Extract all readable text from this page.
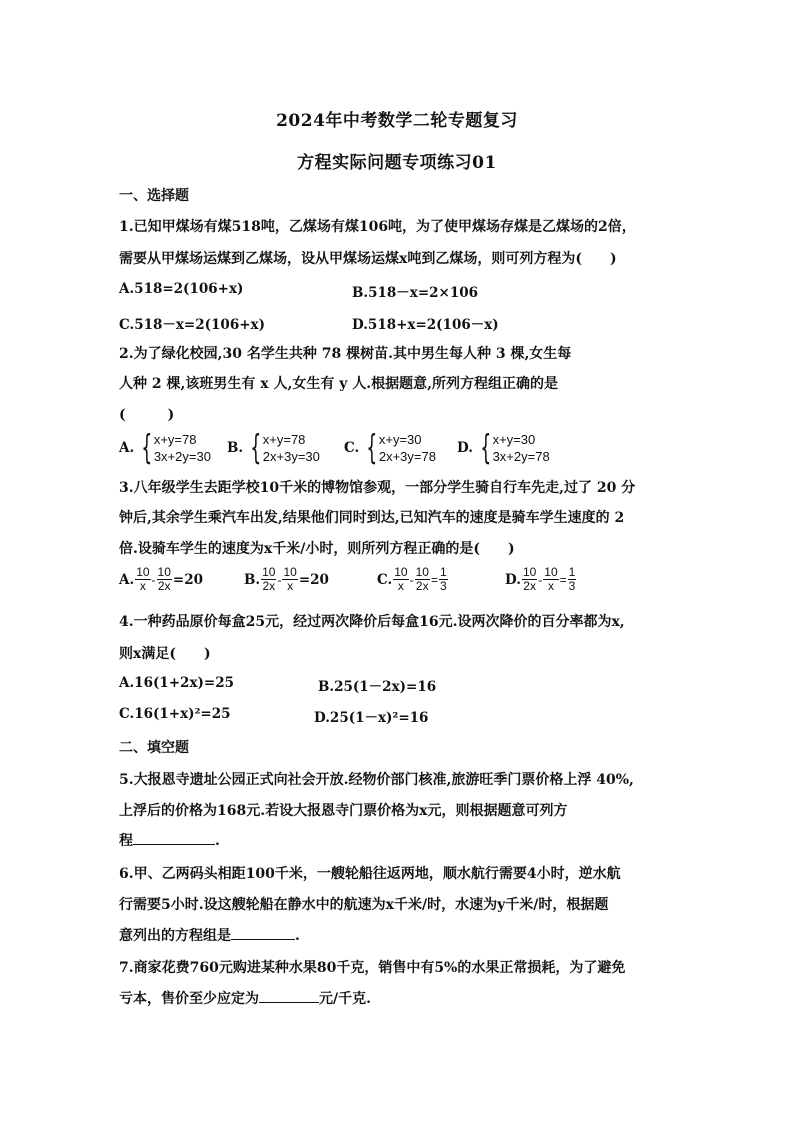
2024年中考数学二轮专题复习
方程实际问题专项练习01
一、选择题
1.已知甲煤场有煤518吨，乙煤场有煤106吨，为了使甲煤场存煤是乙煤场的2倍，
需要从甲煤场运煤到乙煤场，设从甲煤场运煤x吨到乙煤场，则可列方程为(　　)
A.518=2(106+x)	B.518－x=2×106
C.518－x=2(106+x)	D.518+x=2(106－x)
2.为了绿化校园,30 名学生共种 78 棵树苗.其中男生每人种 3 棵,女生每
人种 2 棵,该班男生有 x 人,女生有 y 人.根据题意,所列方程组正确的是
(　　　)
A. { x+y=78
3x+2y=30
B. { x+y=78
2x+3y=30
C. { x+y=30
2x+3y=78
D. { x+y=30
3x+2y=78
3.八年级学生去距学校10千米的博物馆参观，一部分学生骑自行车先走,过了 20 分
钟后,其余学生乘汽车出发,结果他们同时到达,已知汽车的速度是骑车学生速度的 2
倍.设骑车学生的速度为x千米/小时，则所列方程正确的是(　　)
A. $\frac{10}{x} - \frac{10}{2x} =20$	B. $\frac{10}{2x} - \frac{10}{x} =20$	C. $\frac{10}{x} - \frac{10}{2x} = \frac{1}{3}$	D. $\frac{10}{2x} - \frac{10}{x} = \frac{1}{3}$
4.一种药品原价每盒25元，经过两次降价后每盒16元.设两次降价的百分率都为x,
则x满足(　　)
A.16(1+2x)=25	B.25(1－2x)=16
C.16(1+x)²=25	D.25(1－x)²=16
二、填空题
5.大报恩寺遗址公园正式向社会开放.经物价部门核准,旅游旺季门票价格上浮 40%,
上浮后的价格为168元.若设大报恩寺门票价格为x元，则根据题意可列方
程	.
6.甲、乙两码头相距100千米，一艘轮船往返两地，顺水航行需要4小时，逆水航
行需要5小时.设这艘轮船在静水中的航速为x千米/时，水速为y千米/时，根据题
意列出的方程组是	.
7.商家花费760元购进某种水果80千克，销售中有5%的水果正常损耗，为了避免
亏本，售价至少应定为	元/千克.
